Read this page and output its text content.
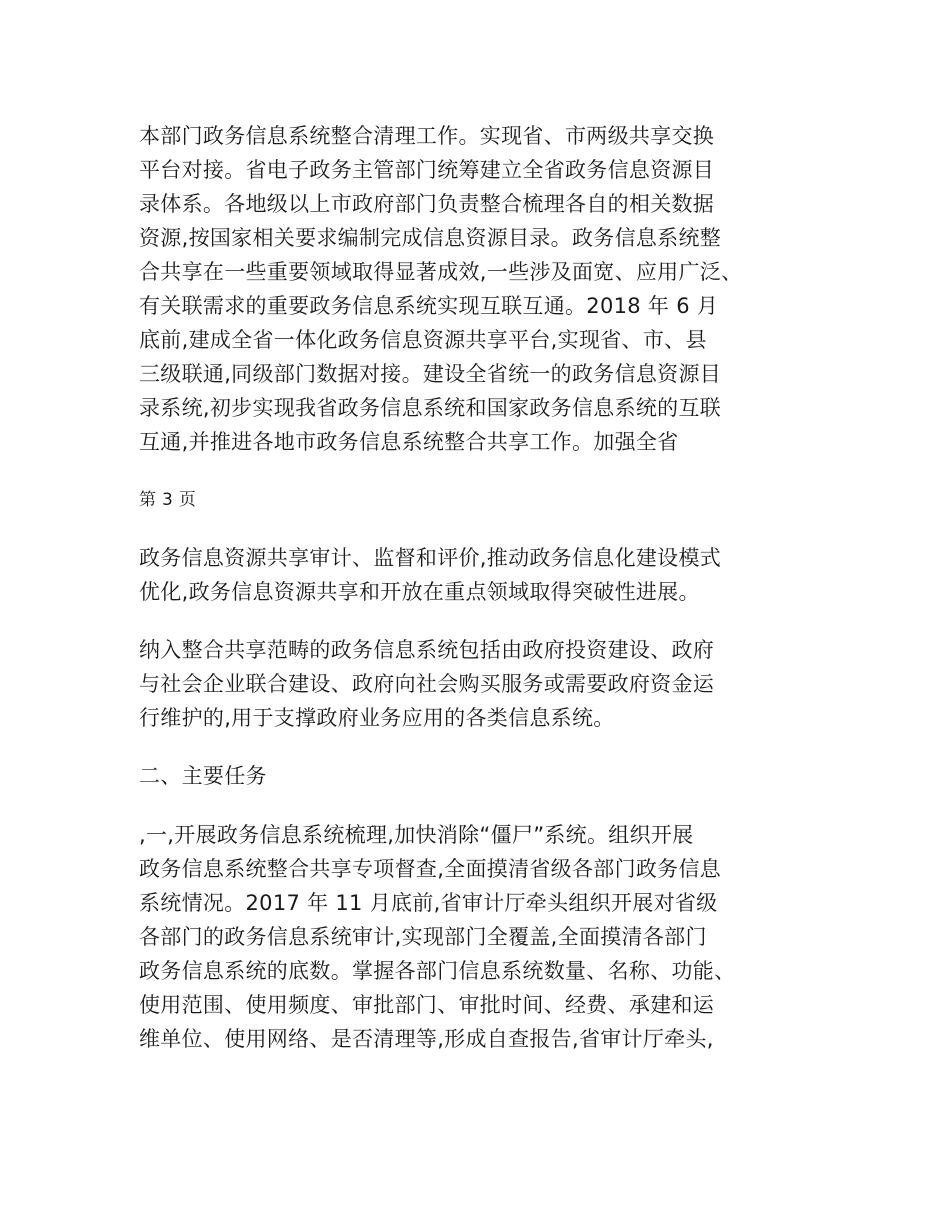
本部门政务信息系统整合清理工作。实现省、市两级共享交换
平台对接。省电子政务主管部门统筹建立全省政务信息资源目
录体系。各地级以上市政府部门负责整合梳理各自的相关数据
资源,按国家相关要求编制完成信息资源目录。政务信息系统整
合共享在一些重要领域取得显著成效,一些涉及面宽、应用广泛、
有关联需求的重要政务信息系统实现互联互通。2018 年 6 月
底前,建成全省一体化政务信息资源共享平台,实现省、市、县
三级联通,同级部门数据对接。建设全省统一的政务信息资源目
录系统,初步实现我省政务信息系统和国家政务信息系统的互联
互通,并推进各地市政务信息系统整合共享工作。加强全省
第 3 页
政务信息资源共享审计、监督和评价,推动政务信息化建设模式
优化,政务信息资源共享和开放在重点领域取得突破性进展。
纳入整合共享范畴的政务信息系统包括由政府投资建设、政府
与社会企业联合建设、政府向社会购买服务或需要政府资金运
行维护的,用于支撑政府业务应用的各类信息系统。
二、主要任务
,一,开展政务信息系统梳理,加快消除“僵尸”系统。组织开展
政务信息系统整合共享专项督查,全面摸清省级各部门政务信息
系统情况。2017 年 11 月底前,省审计厅牵头组织开展对省级
各部门的政务信息系统审计,实现部门全覆盖,全面摸清各部门
政务信息系统的底数。掌握各部门信息系统数量、名称、功能、
使用范围、使用频度、审批部门、审批时间、经费、承建和运
维单位、使用网络、是否清理等,形成自查报告,省审计厅牵头,
